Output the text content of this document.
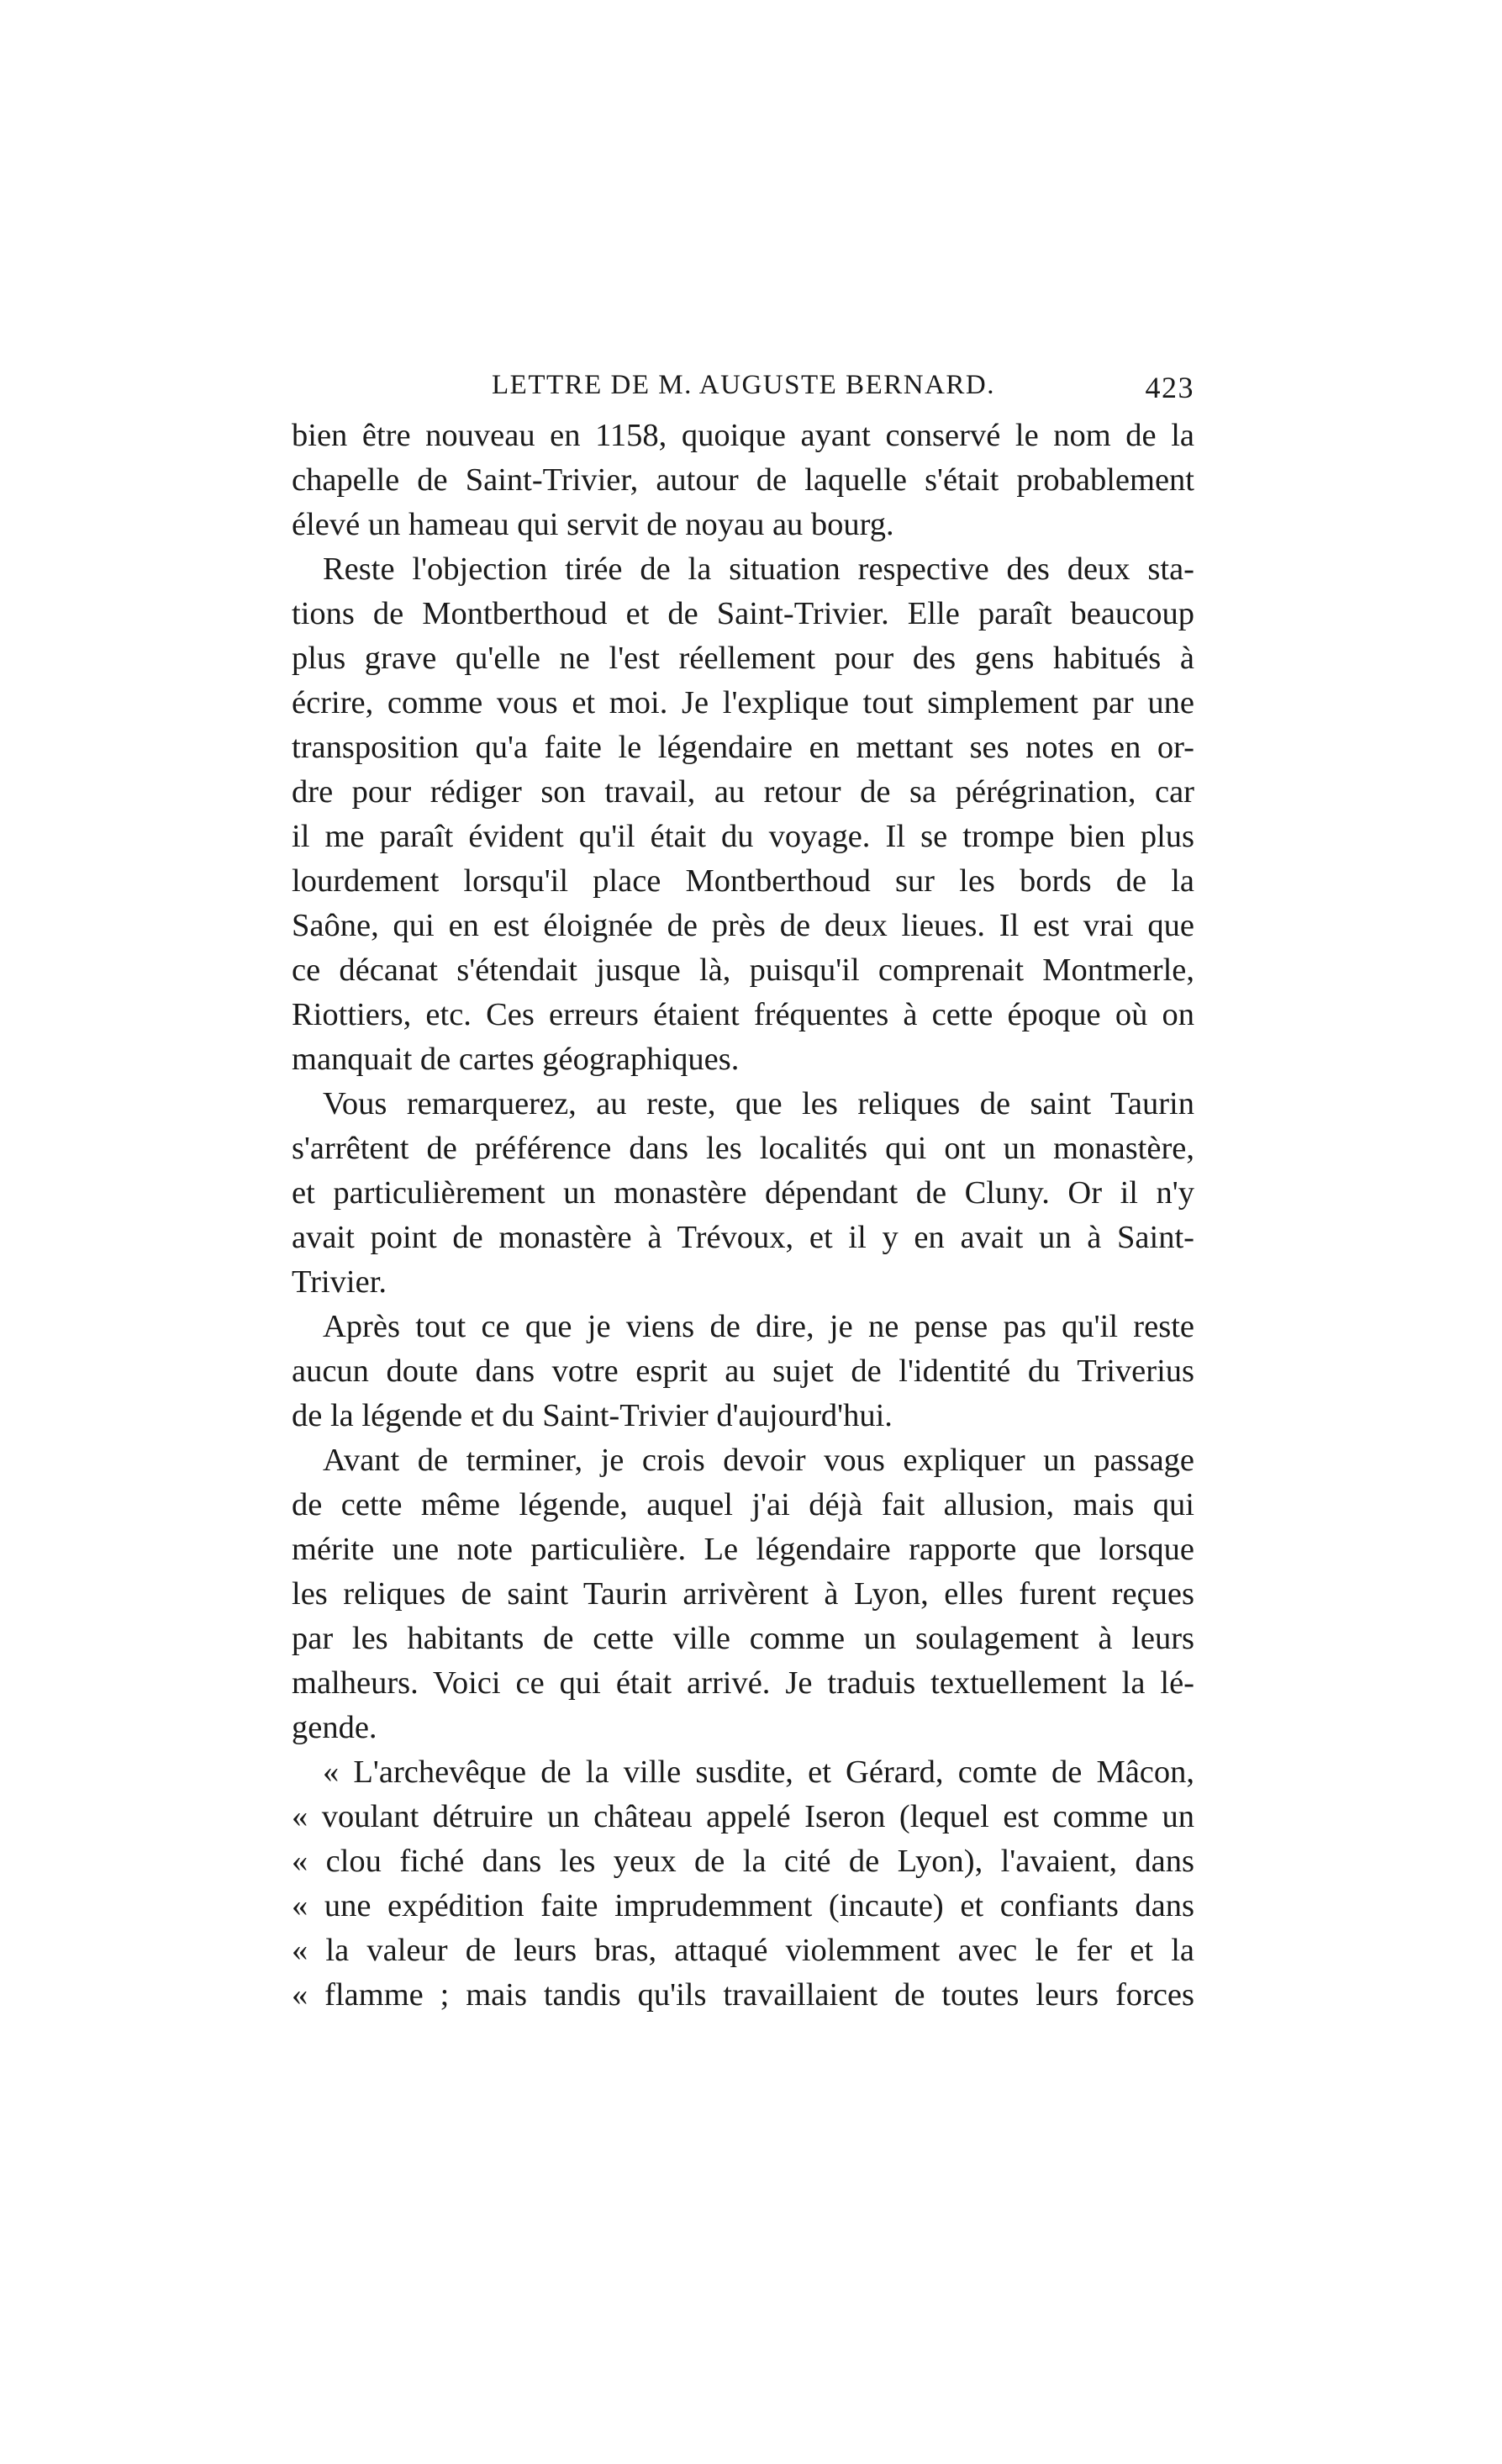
LETTRE DE M. AUGUSTE BERNARD.	423
bien être nouveau en 1158, quoique ayant conservé le nom de la
chapelle de Saint-Trivier, autour de laquelle s'était probablement
élevé un hameau qui servit de noyau au bourg.
Reste l'objection tirée de la situation respective des deux sta-
tions de Montberthoud et de Saint-Trivier. Elle paraît beaucoup
plus grave qu'elle ne l'est réellement pour des gens habitués à
écrire, comme vous et moi. Je l'explique tout simplement par une
transposition qu'a faite le légendaire en mettant ses notes en or-
dre pour rédiger son travail, au retour de sa pérégrination, car
il me paraît évident qu'il était du voyage. Il se trompe bien plus
lourdement lorsqu'il place Montberthoud sur les bords de la
Saône, qui en est éloignée de près de deux lieues. Il est vrai que
ce décanat s'étendait jusque là, puisqu'il comprenait Montmerle,
Riottiers, etc. Ces erreurs étaient fréquentes à cette époque où on
manquait de cartes géographiques.
Vous remarquerez, au reste, que les reliques de saint Taurin
s'arrêtent de préférence dans les localités qui ont un monastère,
et particulièrement un monastère dépendant de Cluny. Or il n'y
avait point de monastère à Trévoux, et il y en avait un à Saint-
Trivier.
Après tout ce que je viens de dire, je ne pense pas qu'il reste
aucun doute dans votre esprit au sujet de l'identité du Triverius
de la légende et du Saint-Trivier d'aujourd'hui.
Avant de terminer, je crois devoir vous expliquer un passage
de cette même légende, auquel j'ai déjà fait allusion, mais qui
mérite une note particulière. Le légendaire rapporte que lorsque
les reliques de saint Taurin arrivèrent à Lyon, elles furent reçues
par les habitants de cette ville comme un soulagement à leurs
malheurs. Voici ce qui était arrivé. Je traduis textuellement la lé-
gende.
« L'archevêque de la ville susdite, et Gérard, comte de Mâcon,
« voulant détruire un château appelé Iseron (lequel est comme un
« clou fiché dans les yeux de la cité de Lyon), l'avaient, dans
« une expédition faite imprudemment (incaute) et confiants dans
« la valeur de leurs bras, attaqué violemment avec le fer et la
« flamme ; mais tandis qu'ils travaillaient de toutes leurs forces
